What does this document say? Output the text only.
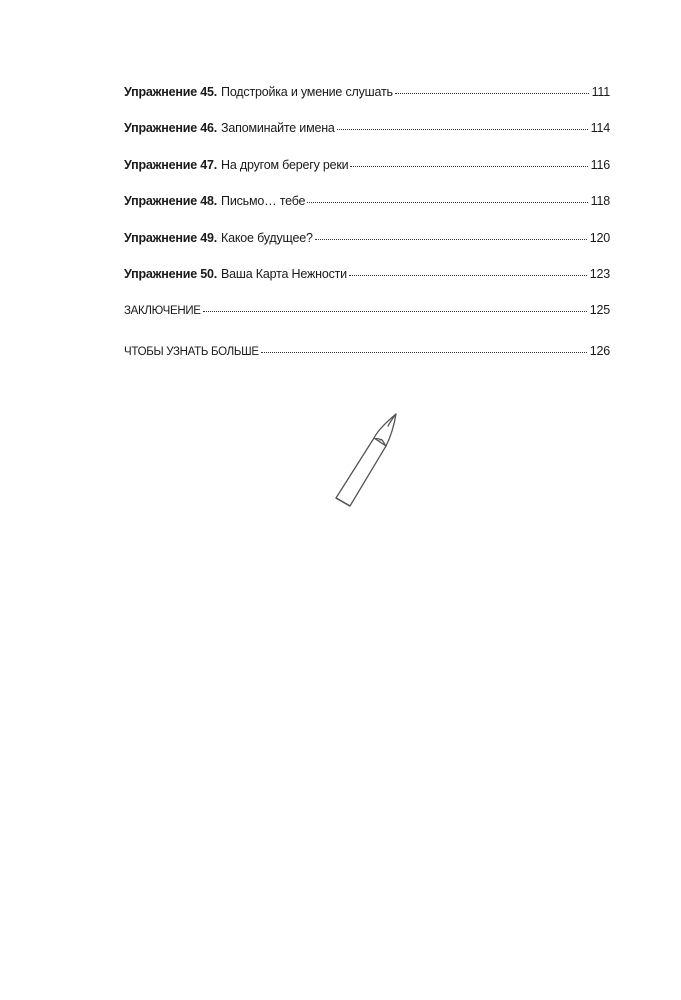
Упражнение 45. Подстройка и умение слушать	111
Упражнение 46. Запоминайте имена	114
Упражнение 47. На другом берегу реки	116
Упражнение 48. Письмо… тебе	118
Упражнение 49. Какое будущее?	120
Упражнение 50. Ваша Карта Нежности	123
ЗАКЛЮЧЕНИЕ	125
ЧТОБЫ УЗНАТЬ БОЛЬШЕ	126
